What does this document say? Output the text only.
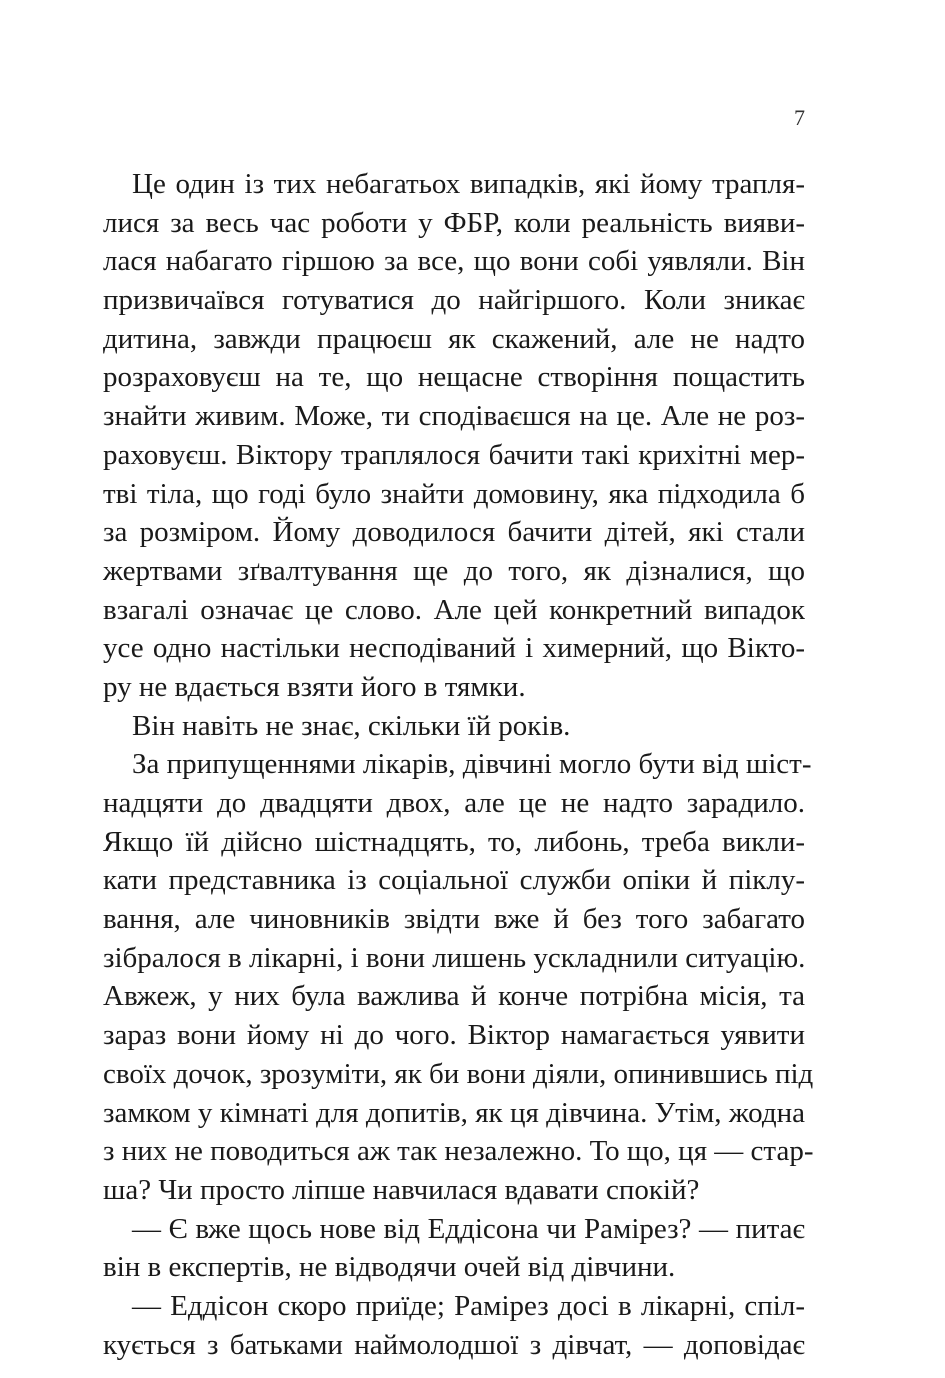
7
Це один із тих небагатьох випадків, які йому трапля-
лися за весь час роботи у ФБР, коли реальність вияви-
лася набагато гіршою за все, що вони собі уявляли. Він
призвичаївся готуватися до найгіршого. Коли зникає
дитина, завжди працюєш як скажений, але не надто
розраховуєш на те, що нещасне створіння пощастить
знайти живим. Може, ти сподіваєшся на це. Але не роз-
раховуєш. Віктору траплялося бачити такі крихітні мер-
тві тіла, що годі було знайти домовину, яка підходила б
за розміром. Йому доводилося бачити дітей, які стали
жертвами зґвалтування ще до того, як дізналися, що
взагалі означає це слово. Але цей конкретний випадок
усе одно настільки несподіваний і химерний, що Вікто-
ру не вдається взяти його в тямки.
Він навіть не знає, скільки їй років.
За припущеннями лікарів, дівчині могло бути від шіст-
надцяти до двадцяти двох, але це не надто зарадило.
Якщо їй дійсно шістнадцять, то, либонь, треба викли-
кати представника із соціальної служби опіки й піклу-
вання, але чиновників звідти вже й без того забагато
зібралося в лікарні, і вони лишень ускладнили ситуацію.
Авжеж, у них була важлива й конче потрібна місія, та
зараз вони йому ні до чого. Віктор намагається уявити
своїх дочок, зрозуміти, як би вони діяли, опинившись під
замком у кімнаті для допитів, як ця дівчина. Утім, жодна
з них не поводиться аж так незалежно. То що, ця — стар-
ша? Чи просто ліпше навчилася вдавати спокій?
— Є вже щось нове від Еддісона чи Рамірез? — питає
він в експертів, не відводячи очей від дівчини.
— Еддісон скоро приїде; Рамірез досі в лікарні, спіл-
кується з батьками наймолодшої з дівчат, — доповідає
